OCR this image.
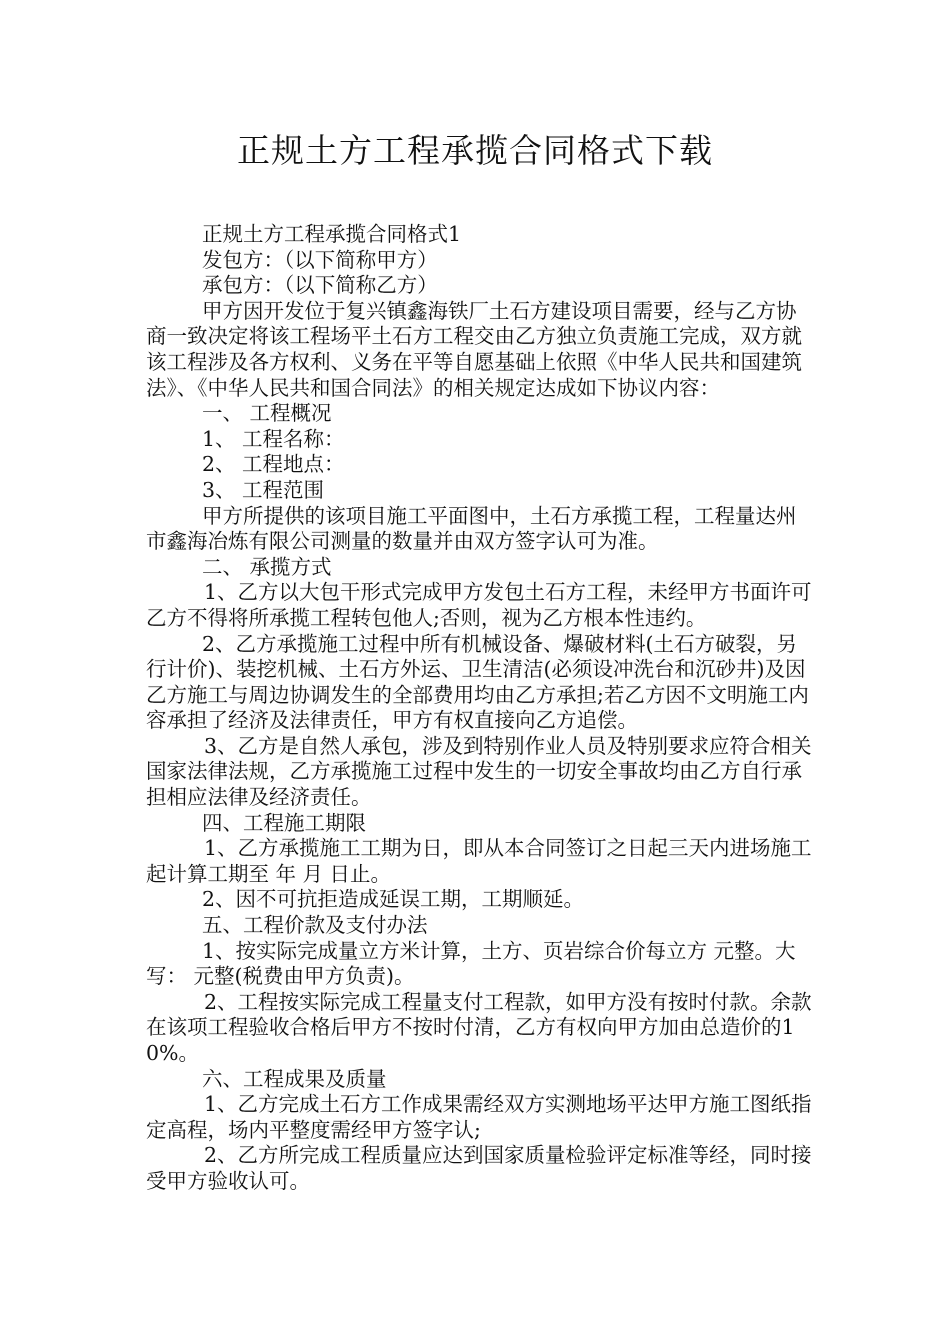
正规土方工程承揽合同格式下载

正规土方工程承揽合同格式1

发包方：（以下简称甲方）

承包方：（以下简称乙方）

甲方因开发位于复兴镇鑫海铁厂土石方建设项目需要，经与乙方协商一致决定将该工程场平土石方工程交由乙方独立负责施工完成，双方就该工程涉及各方权利、义务在平等自愿基础上依照《中华人民共和国建筑法》、《中华人民共和国合同法》的相关规定达成如下协议内容：

一、 工程概况

1、 工程名称：

2、 工程地点：

3、 工程范围

甲方所提供的该项目施工平面图中，土石方承揽工程，工程量达州市鑫海冶炼有限公司测量的数量并由双方签字认可为准。

二、 承揽方式

1、乙方以大包干形式完成甲方发包土石方工程，未经甲方书面许可乙方不得将所承揽工程转包他人;否则，视为乙方根本性违约。

2、乙方承揽施工过程中所有机械设备、爆破材料(土石方破裂，另行计价)、装挖机械、土石方外运、卫生清洁(必须设冲洗台和沉砂井)及因乙方施工与周边协调发生的全部费用均由乙方承担;若乙方因不文明施工内容承担了经济及法律责任，甲方有权直接向乙方追偿。

3、乙方是自然人承包，涉及到特别作业人员及特别要求应符合相关国家法律法规，乙方承揽施工过程中发生的一切安全事故均由乙方自行承担相应法律及经济责任。

四、工程施工期限

1、乙方承揽施工工期为日，即从本合同签订之日起三天内进场施工起计算工期至 年 月 日止。

2、因不可抗拒造成延误工期，工期顺延。

五、工程价款及支付办法

1、按实际完成量立方米计算，土方、页岩综合价每立方 元整。大写： 元整(税费由甲方负责)。

2、工程按实际完成工程量支付工程款，如甲方没有按时付款。余款在该项工程验收合格后甲方不按时付清，乙方有权向甲方加由总造价的10%。

六、工程成果及质量

1、乙方完成土石方工作成果需经双方实测地场平达甲方施工图纸指定高程，场内平整度需经甲方签字认;

2、乙方所完成工程质量应达到国家质量检验评定标准等经，同时接受甲方验收认可。
